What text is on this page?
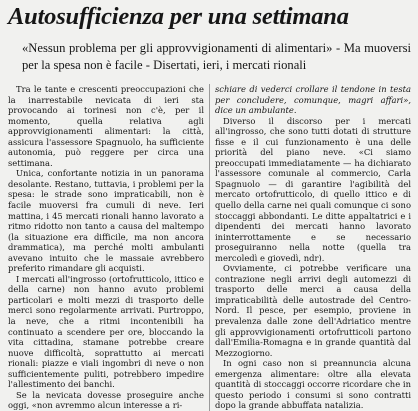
Autosufficienza per una settimana

«Nessun problema per gli approvvigionamenti di alimentari» - Ma muoversi per la spesa non è facile - Disertati, ieri, i mercati rionali

Tra le tante e crescenti preoccupazioni che la inarrestabile nevicata di ieri sta provocando ai torinesi non c'è, per il momento, quella relativa agli approvvigionamenti alimentari: la città, assicura l'assessore Spagnuolo, ha sufficiente autonomia, può reggere per circa una settimana.

Unica, confortante notizia in un panorama desolante. Restano, tuttavia, i problemi per la spesa: le strade sono impraticabili, non è facile muoversi fra cumuli di neve. Ieri mattina, i 45 mercati rionali hanno lavorato a ritmo ridotto non tanto a causa del maltempo (la situazione era difficile, ma non ancora drammatica), ma perché molti ambulanti avevano intuito che le massaie avrebbero preferito rimandare gli acquisti.

I mercati all'ingrosso (ortofrutticolo, ittico e della carne) non hanno avuto problemi particolari e molti mezzi di trasporto delle merci sono regolarmente arrivati. Purtroppo, la neve, che a ritmi incontenibili ha continuato a scendere per ore, bloccando la vita cittadina, stamane potrebbe creare nuove difficoltà, soprattutto ai mercati rionali: piazze e viali ingombri di neve o non sufficientemente puliti, potrebbero impedire l'allestimento dei banchi.

Se la nevicata dovesse proseguire anche oggi, «non avremmo alcun interesse a ri-

schiare di vederci crollare il tendone in testa per concludere, comunque, magri affari», dice un ambulante.

Diverso il discorso per i mercati all'ingrosso, che sono tutti dotati di strutture fisse e il cui funzionamento è una delle priorità del piano neve. «Ci siamo preoccupati immediatamente — ha dichiarato l'assessore comunale al commercio, Carla Spagnuolo — di garantire l'agibilità del mercato ortofrutticolo, di quello ittico e di quello della carne nei quali comunque ci sono stoccaggi abbondanti. Le ditte appaltatrici e i dipendenti dei mercati hanno lavorato ininterrottamente e se necessario proseguiranno nella notte (quella tra mercoledì e giovedì, ndr).

Ovviamente, ci potrebbe verificare una contrazione negli arrivi degli automezzi di trasporto delle merci a causa della impraticabilità delle autostrade del Centro-Nord. Il pesce, per esempio, proviene in prevalenza dalle zone dell'Adriatico mentre gli approvvigionamenti ortofrutticoli partono dall'Emilia-Romagna e in grande quantità dal Mezzogiorno.

In ogni caso non si preannuncia alcuna emergenza alimentare: oltre alla elevata quantità di stoccaggi occorre ricordare che in questo periodo i consumi si sono contratti dopo la grande abbuffata natalizia.
